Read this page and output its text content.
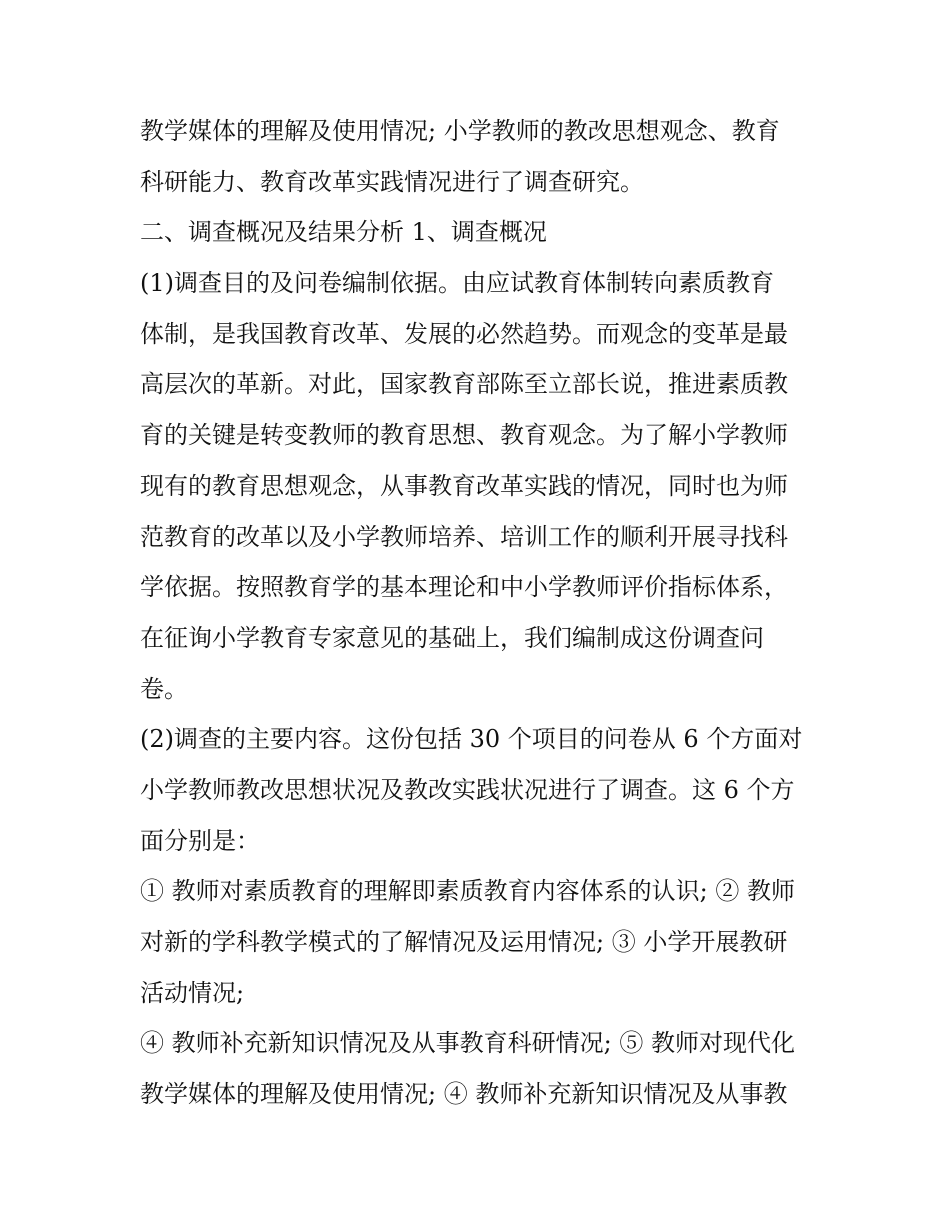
教学媒体的理解及使用情况; 小学教师的教改思想观念、教育

科研能力、教育改革实践情况进行了调查研究。

二、调查概况及结果分析 1、调查概况

(1)调查目的及问卷编制依据。由应试教育体制转向素质教育

体制，是我国教育改革、发展的必然趋势。而观念的变革是最

高层次的革新。对此，国家教育部陈至立部长说，推进素质教

育的关键是转变教师的教育思想、教育观念。为了解小学教师

现有的教育思想观念，从事教育改革实践的情况，同时也为师

范教育的改革以及小学教师培养、培训工作的顺利开展寻找科

学依据。按照教育学的基本理论和中小学教师评价指标体系，

在征询小学教育专家意见的基础上，我们编制成这份调查问

卷。

(2)调查的主要内容。这份包括 30 个项目的问卷从 6 个方面对

小学教师教改思想状况及教改实践状况进行了调查。这 6 个方

面分别是：

① 教师对素质教育的理解即素质教育内容体系的认识; ② 教师

对新的学科教学模式的了解情况及运用情况; ③ 小学开展教研

活动情况;

④ 教师补充新知识情况及从事教育科研情况; ⑤ 教师对现代化

教学媒体的理解及使用情况; ④ 教师补充新知识情况及从事教
